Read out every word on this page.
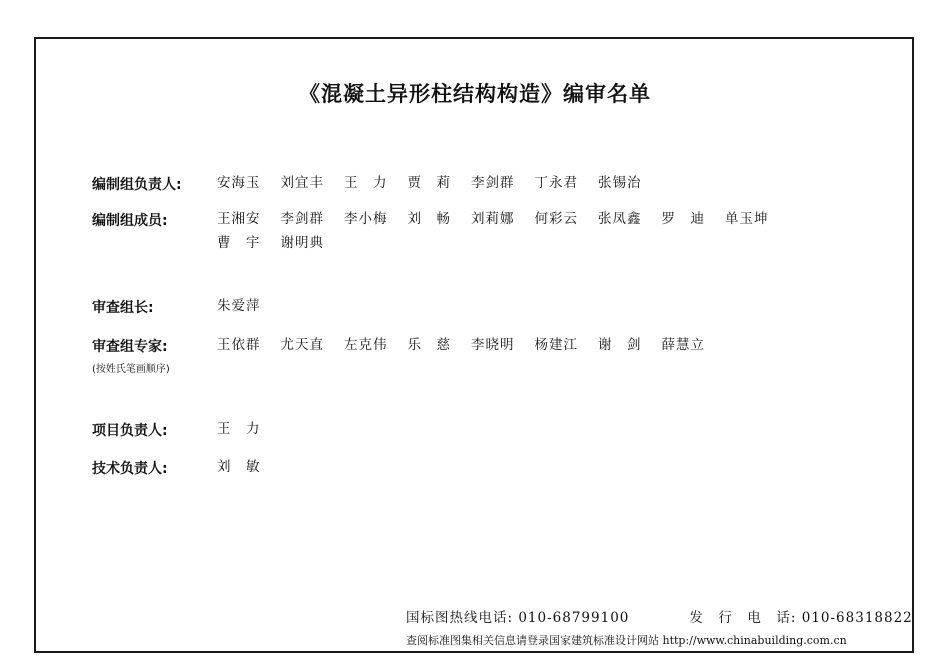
《混凝土异形柱结构构造》编审名单
编制组负责人:	安海玉 刘宜丰 王　力 贾　莉 李剑群 丁永君 张锡治
编制组成员:	王湘安 李剑群 李小梅 刘　畅 刘莉娜 何彩云 张凤鑫 罗　迪 单玉坤
曹　宇 谢明典
审查组长:	朱爱萍
审查组专家:
(按姓氏笔画顺序)
王依群 尤天直 左克伟 乐　慈 李晓明 杨建江 谢　剑 薛慧立
项目负责人:	王　力
技术负责人:	刘　敏
国标图热线电话: 010-68799100	发　行　电　话: 010-68318822
查阅标准图集相关信息请登录国家建筑标准设计网站 http://www.chinabuilding.com.cn
